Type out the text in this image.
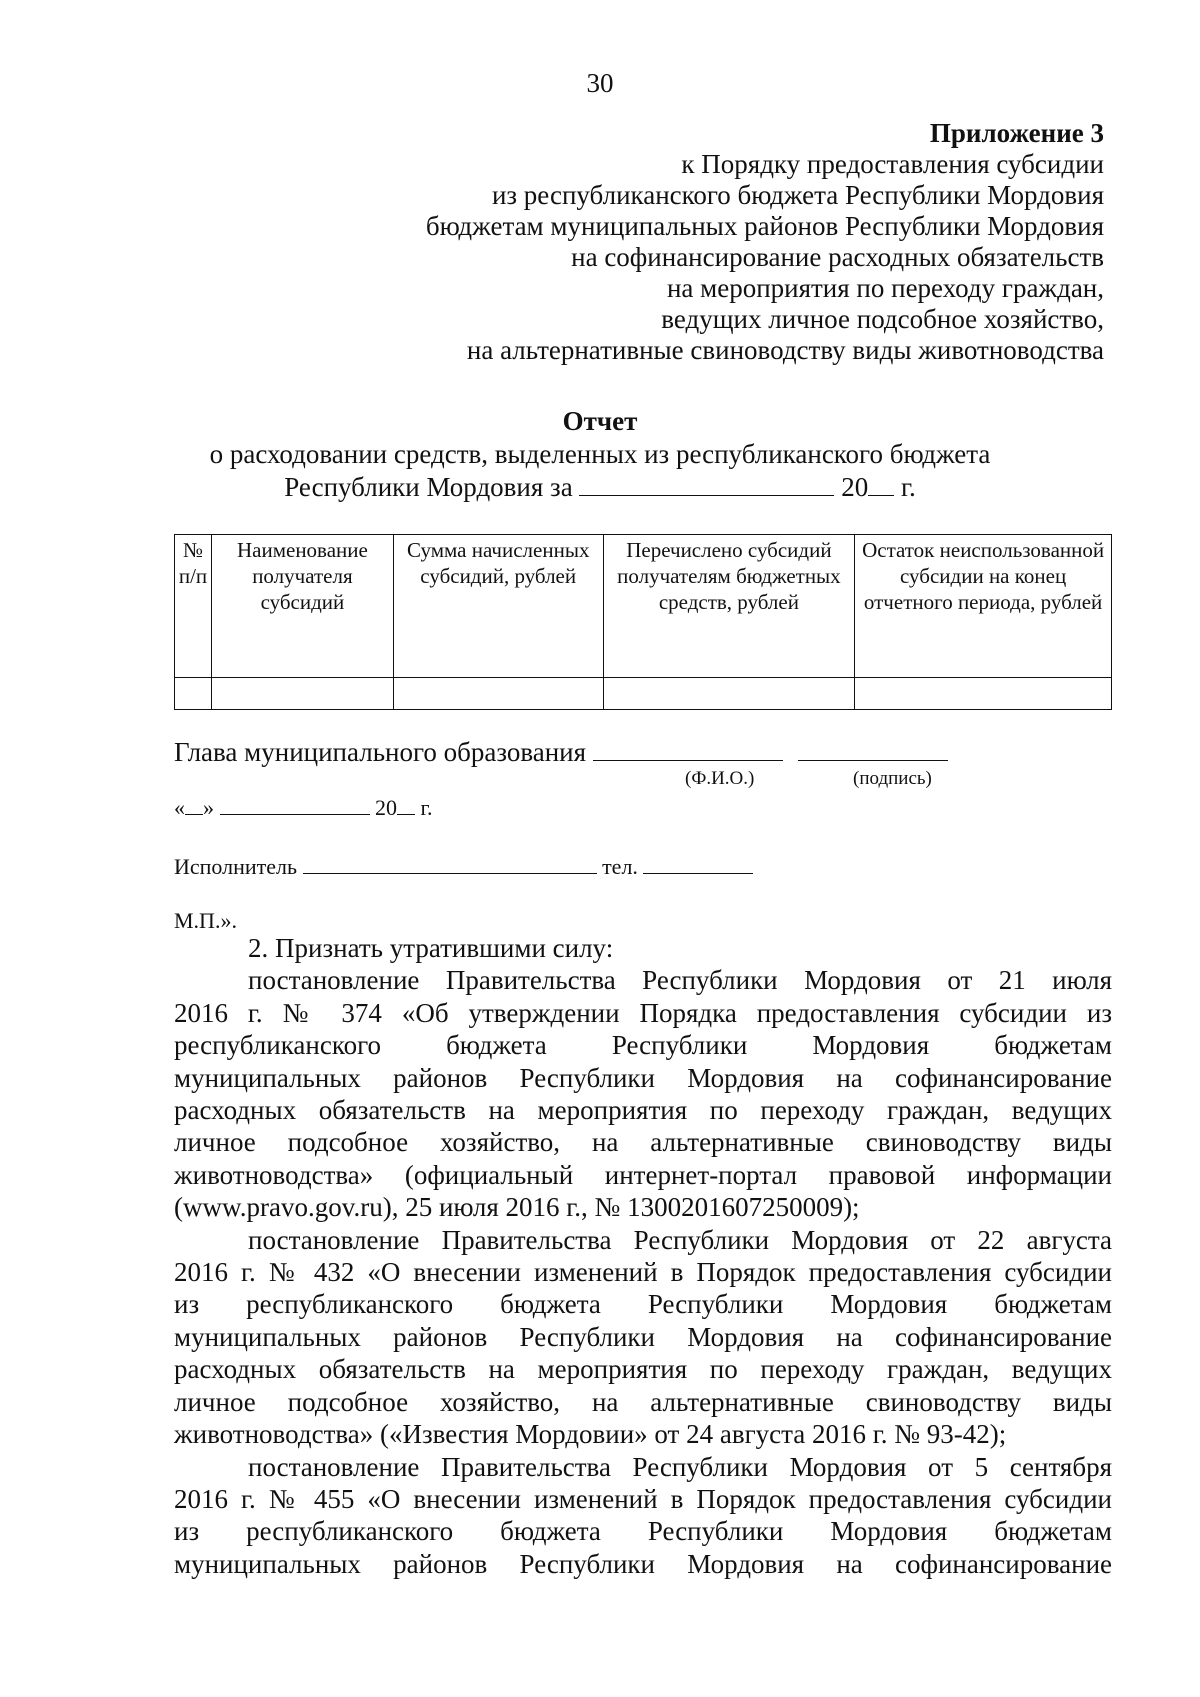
30
Приложение 3
к Порядку предоставления субсидии
из республиканского бюджета Республики Мордовия
бюджетам муниципальных районов Республики Мордовия
на софинансирование расходных обязательств
на мероприятия по переходу граждан,
ведущих личное подсобное хозяйство,
на альтернативные свиноводству виды животноводства
Отчет
о расходовании средств, выделенных из республиканского бюджета
Республики Мордовия за	20 г.
№ п/п	Наименование получателя субсидий	Сумма начисленных субсидий, рублей	Перечислено субсидий получателям бюджетных средств, рублей	Остаток неиспользованной субсидии на конец отчетного периода, рублей

Глава муниципального образования
(Ф.И.О.)	(подпись)
« »	20 г.
Исполнитель	тел.
М.П.».

2. Признать утратившими силу:

постановление Правительства Республики Мордовия от 21 июля

2016 г. № 374 «Об утверждении Порядка предоставления субсидии из

республиканского бюджета Республики Мордовия бюджетам

муниципальных районов Республики Мордовия на софинансирование

расходных обязательств на мероприятия по переходу граждан, ведущих

личное подсобное хозяйство, на альтернативные свиноводству виды

животноводства» (официальный интернет-портал правовой информации

(www.pravo.gov.ru), 25 июля 2016 г., № 1300201607250009);

постановление Правительства Республики Мордовия от 22 августа

2016 г. № 432 «О внесении изменений в Порядок предоставления субсидии

из республиканского бюджета Республики Мордовия бюджетам

муниципальных районов Республики Мордовия на софинансирование

расходных обязательств на мероприятия по переходу граждан, ведущих

личное подсобное хозяйство, на альтернативные свиноводству виды

животноводства» («Известия Мордовии» от 24 августа 2016 г. № 93-42);

постановление Правительства Республики Мордовия от 5 сентября

2016 г. № 455 «О внесении изменений в Порядок предоставления субсидии

из республиканского бюджета Республики Мордовия бюджетам

муниципальных районов Республики Мордовия на софинансирование
